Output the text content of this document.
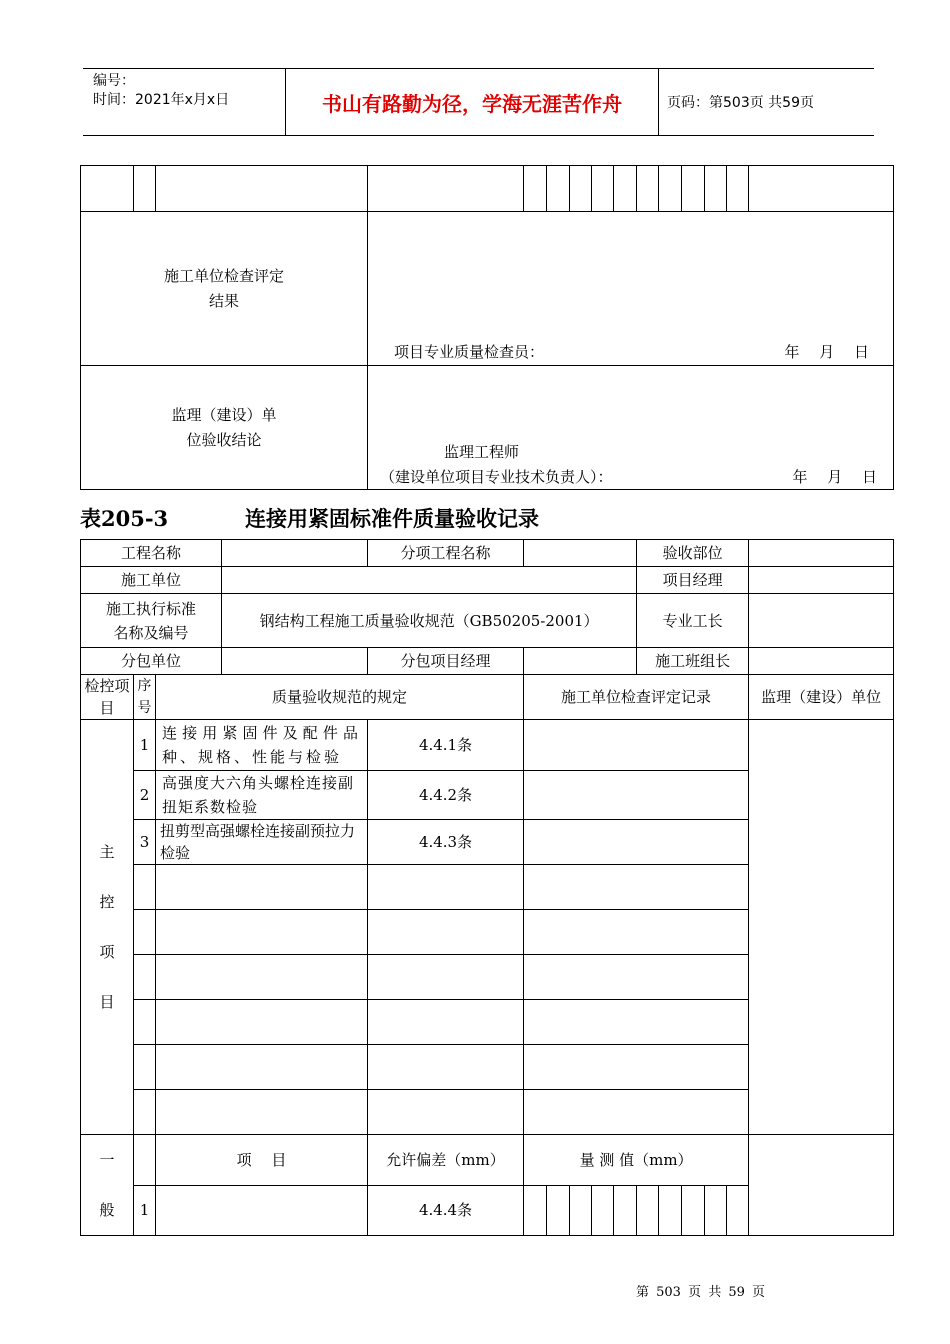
编号：
时间：2021年x月x日	书山有路勤为径，学海无涯苦作舟	页码：第503页 共59页

施工单位检查评定结果			项目专业质量检查员： 年　 月　 日											

监理（建设）单位验收结论			监理工程师
（建设单位项目专业技术负责人）： 年　 月　 日											
表205-3	连接用紧固标准件质量验收记录
工程名称				分项工程名称						验收部位					
施工单位										项目经理					

施工执行标准名称及编号			钢结构工程施工质量验收规范（GB50205-2001）							专业工长					
分包单位				分包项目经理						施工班组长					
检控项目	序号	质量验收规范的规定			施工单位检查评定记录										监理（建设）单位

主
控
项
目	1	连接用紧固件及配件品种、规格、性能与检验		4.4.1条											
	2	高强度大六角头螺栓连接副扭矩系数检验		4.4.2条											
	3	扭剪型高强螺栓连接副预拉力检验		4.4.3条											

一
般		项　 目		允许偏差（mm）	量 测 值（mm）										
	1			4.4.4条											
第 503 页 共 59 页
